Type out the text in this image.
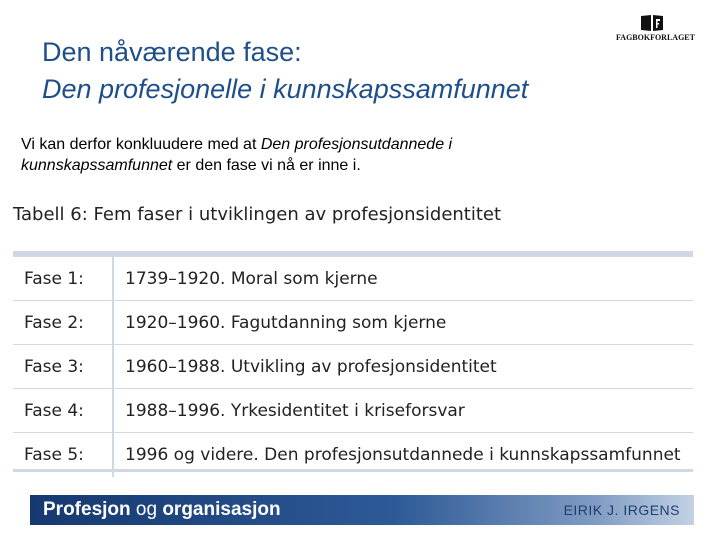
Den nåværende fase:
Den profesjonelle i kunnskapssamfunnet
FAGBOKFORLAGET
Vi kan derfor konkluudere med at Den profesjonsutdannede i kunnskapssamfunnet er den fase vi nå er inne i.
Tabell 6: Fem faser i utviklingen av profesjonsidentitet
Fase 1:	1739–1920. Moral som kjerne
Fase 2:	1920–1960. Fagutdanning som kjerne
Fase 3:	1960–1988. Utvikling av profesjonsidentitet
Fase 4:	1988–1996. Yrkesidentitet i kriseforsvar
Fase 5:	1996 og videre. Den profesjonsutdannede i kunnskapssamfunnet
Profesjon og organisasjon	EIRIK J. IRGENS
